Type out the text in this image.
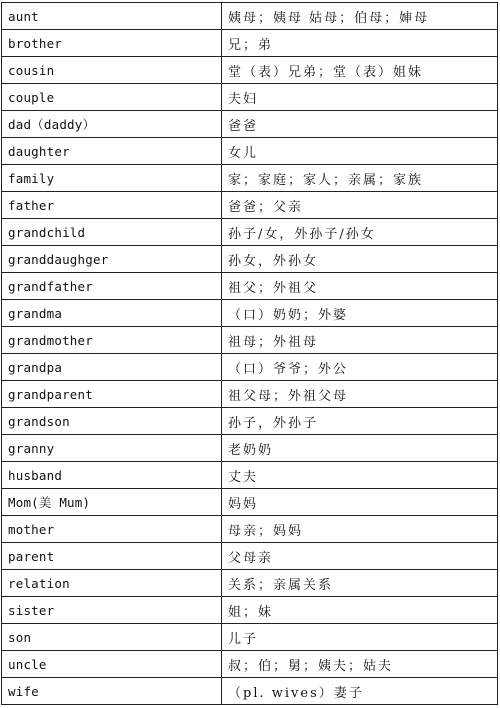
aunt	姨母；姨母 姑母；伯母；婶母
brother	兄；弟
cousin	堂（表）兄弟；堂（表）姐妹
couple	夫妇
dad（daddy）	爸爸
daughter	女儿
family	家；家庭；家人；亲属；家族
father	爸爸；父亲
grandchild	孙子/女，外孙子/孙女
granddaughger	孙女，外孙女
grandfather	祖父；外祖父
grandma	（口）奶奶；外婆
grandmother	祖母；外祖母
grandpa	（口）爷爷；外公
grandparent	祖父母；外祖父母
grandson	孙子，外孙子
granny	老奶奶
husband	丈夫
Mom(美 Mum)	妈妈
mother	母亲；妈妈
parent	父母亲
relation	关系；亲属关系
sister	姐；妹
son	儿子
uncle	叔；伯；舅；姨夫；姑夫
wife	（pl. wives）妻子
